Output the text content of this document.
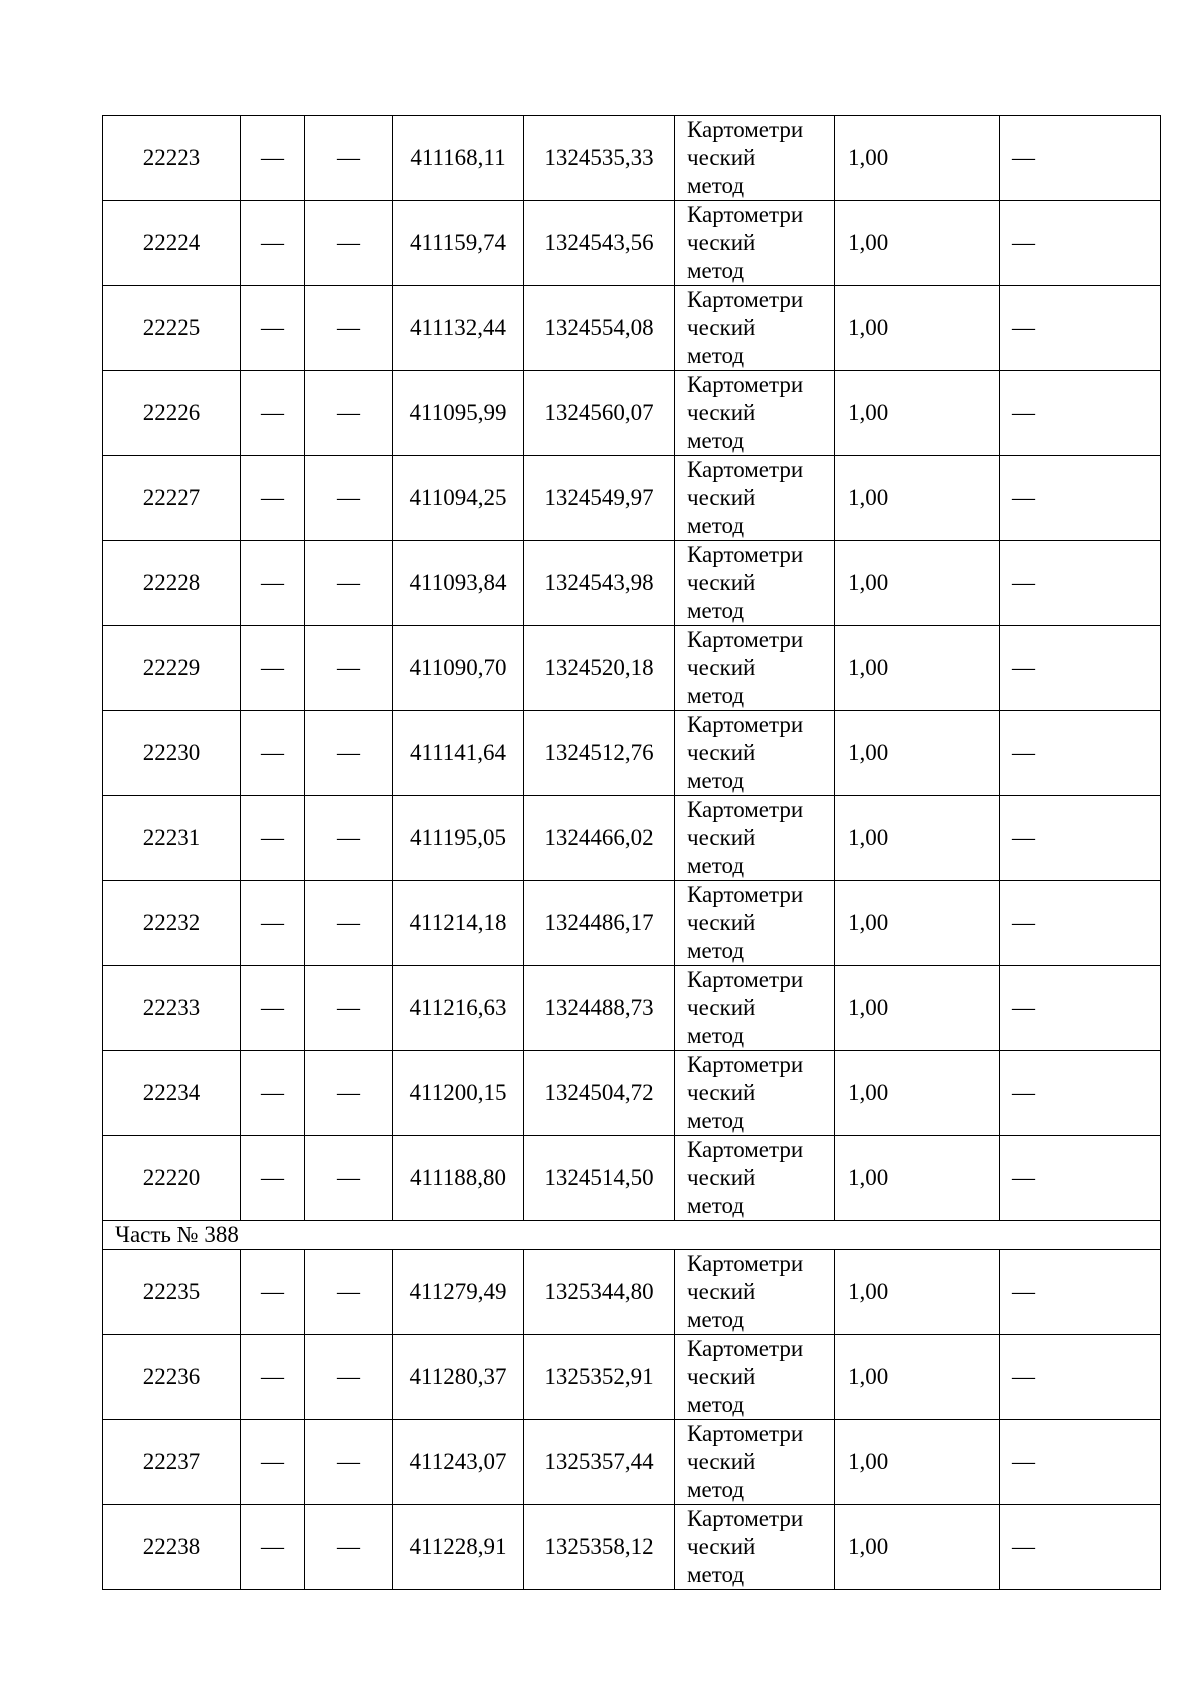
22223	—	—	411168,11	1324535,33	Картометри
ческий
метод	1,00	—
22224	—	—	411159,74	1324543,56	Картометри
ческий
метод	1,00	—
22225	—	—	411132,44	1324554,08	Картометри
ческий
метод	1,00	—
22226	—	—	411095,99	1324560,07	Картометри
ческий
метод	1,00	—
22227	—	—	411094,25	1324549,97	Картометри
ческий
метод	1,00	—
22228	—	—	411093,84	1324543,98	Картометри
ческий
метод	1,00	—
22229	—	—	411090,70	1324520,18	Картометри
ческий
метод	1,00	—
22230	—	—	411141,64	1324512,76	Картометри
ческий
метод	1,00	—
22231	—	—	411195,05	1324466,02	Картометри
ческий
метод	1,00	—
22232	—	—	411214,18	1324486,17	Картометри
ческий
метод	1,00	—
22233	—	—	411216,63	1324488,73	Картометри
ческий
метод	1,00	—
22234	—	—	411200,15	1324504,72	Картометри
ческий
метод	1,00	—
22220	—	—	411188,80	1324514,50	Картометри
ческий
метод	1,00	—
Часть № 388							
22235	—	—	411279,49	1325344,80	Картометри
ческий
метод	1,00	—
22236	—	—	411280,37	1325352,91	Картометри
ческий
метод	1,00	—
22237	—	—	411243,07	1325357,44	Картометри
ческий
метод	1,00	—
22238	—	—	411228,91	1325358,12	Картометри
ческий
метод	1,00	—
